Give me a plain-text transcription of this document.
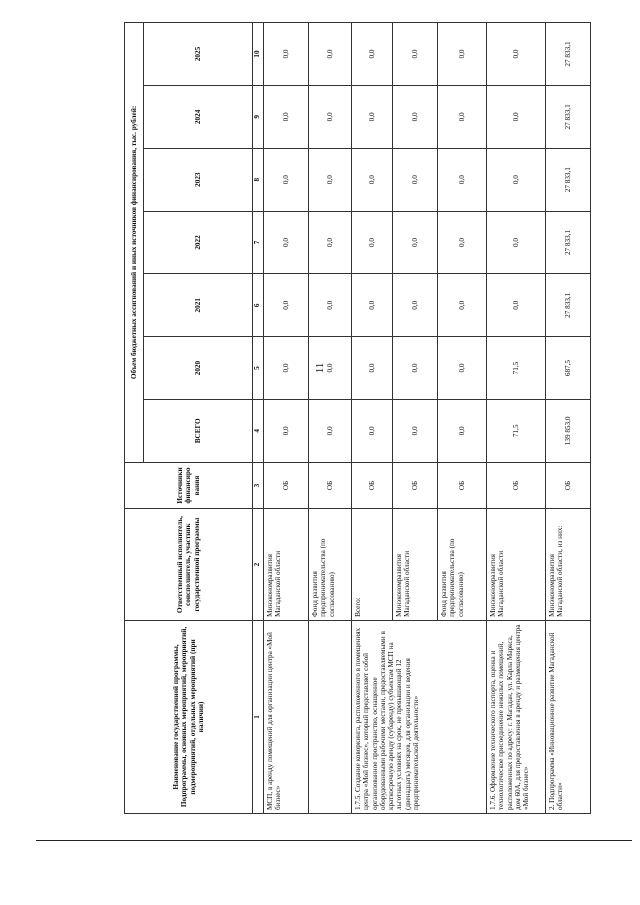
11
Наименование государственной программы, Подпрограммы, основных мероприятий, мероприятий, подмероприятий, отдельных мероприятий (при наличии)	Ответственный исполнитель, соисполнитель, участник государственной программы	Источники финансирования	Объем бюджетных ассигнований и иных источников финансирования, тыс. рублей:						
			ВСЕГО	2020	2021	2022	2023	2024	2025
1	2	3	4	5	6	7	8	9	10
МСП, в аренду помещений для организации центра «Мой бизнес»	Минэкономразвития Магаданской области	ОБ	0,0	0,0	0,0	0,0	0,0	0,0	0,0
	Фонд развития предпринимательства (по согласованию)	ОБ	0,0	0,0	0,0	0,0	0,0	0,0	0,0
1.7.5. Создание коворкинга, расположенного в помещениях центра «Мой бизнес», который представляет собой организованное пространство, оснащенное оборудованными рабочими местами, предоставляемыми в краткосрочную аренду (субаренду) субъектам МСП на льготных условиях на срок, не превышающий 12 (двенадцать) месяцев, для организации и ведения предпринимательской деятельности»	Всего:	ОБ	0,0	0,0	0,0	0,0	0,0	0,0	0,0
	Минэкономразвития Магаданской области	ОБ	0,0	0,0	0,0	0,0	0,0	0,0	0,0
	Фонд развития предпринимательства (по согласованию)	ОБ	0,0	0,0	0,0	0,0	0,0	0,0	0,0
1.7.6. Оформление технического паспорта, оценка и технологическое присоединение нежилых помещений, расположенных по адресу: г. Магадан, ул. Карла Маркса, дом 60А, для предоставления в аренду и размещения центра «Мой бизнес»	Минэкономразвития Магаданской области	ОБ	71,5	71,5	0,0	0,0	0,0	0,0	0,0
2. Подпрограмма «Инновационное развитие Магаданской области»	Минэкономразвития Магаданской области, из них:	ОБ	139 853,0	687,5	27 833,1	27 833,1	27 833,1	27 833,1	27 833,1
